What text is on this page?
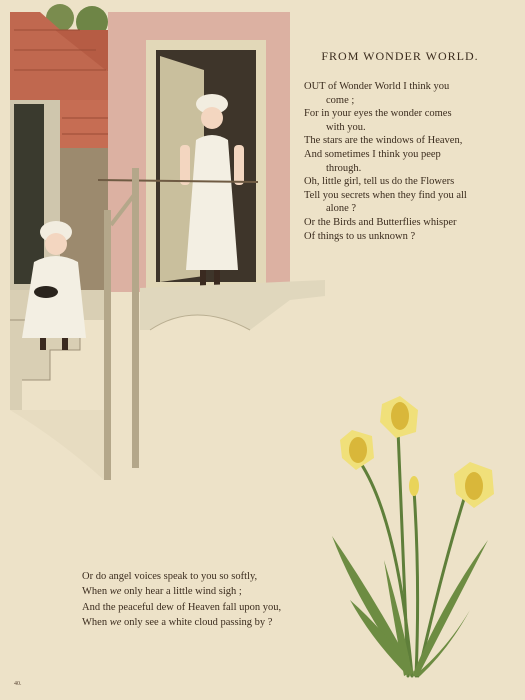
FROM WONDER WORLD.
OUT of Wonder World I think you
come ;
For in your eyes the wonder comes
with you.
The stars are the windows of Heaven,
And sometimes I think you peep
through.
Oh, little girl, tell us do the Flowers
Tell you secrets when they find you all
alone ?
Or the Birds and Butterflies whisper
Of things to us unknown ?
Or do angel voices speak to you so softly,
When we only hear a little wind sigh ;
And the peaceful dew of Heaven fall upon you,
When we only see a white cloud passing by ?
40.
